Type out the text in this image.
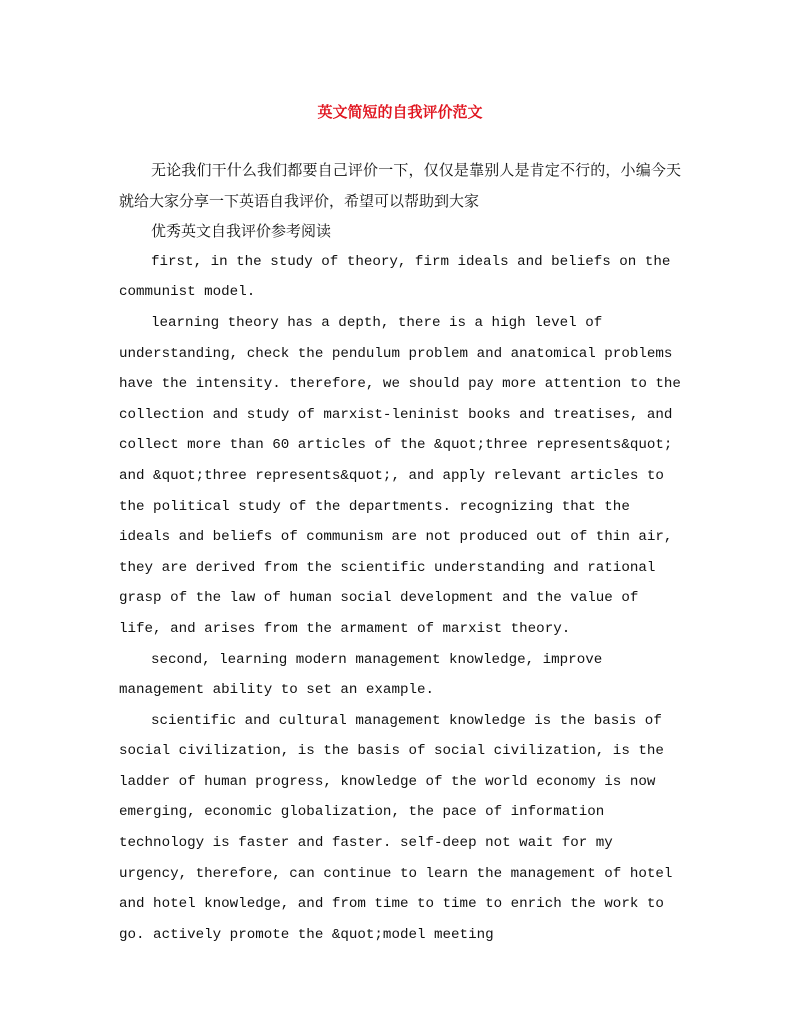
英文简短的自我评价范文

无论我们干什么我们都要自己评价一下，仅仅是靠别人是肯定不行的，小编今天就给大家分享一下英语自我评价，希望可以帮助到大家

优秀英文自我评价参考阅读

first, in the study of theory, firm ideals and beliefs on the communist model.

learning theory has a depth, there is a high level of understanding, check the pendulum problem and anatomical problems have the intensity. therefore, we should pay more attention to the collection and study of marxist-leninist books and treatises, and collect more than 60 articles of the &quot;three represents&quot; and &quot;three represents&quot;, and apply relevant articles to the political study of the departments. recognizing that the ideals and beliefs of communism are not produced out of thin air, they are derived from the scientific understanding and rational grasp of the law of human social development and the value of life, and arises from the armament of marxist theory.

second, learning modern management knowledge, improve management ability to set an example.

scientific and cultural management knowledge is the basis of social civilization, is the basis of social civilization, is the ladder of human progress, knowledge of the world economy is now emerging, economic globalization, the pace of information technology is faster and faster. self-deep not wait for my urgency, therefore, can continue to learn the management of hotel and hotel knowledge, and from time to time to enrich the work to go. actively promote the &quot;model meeting
